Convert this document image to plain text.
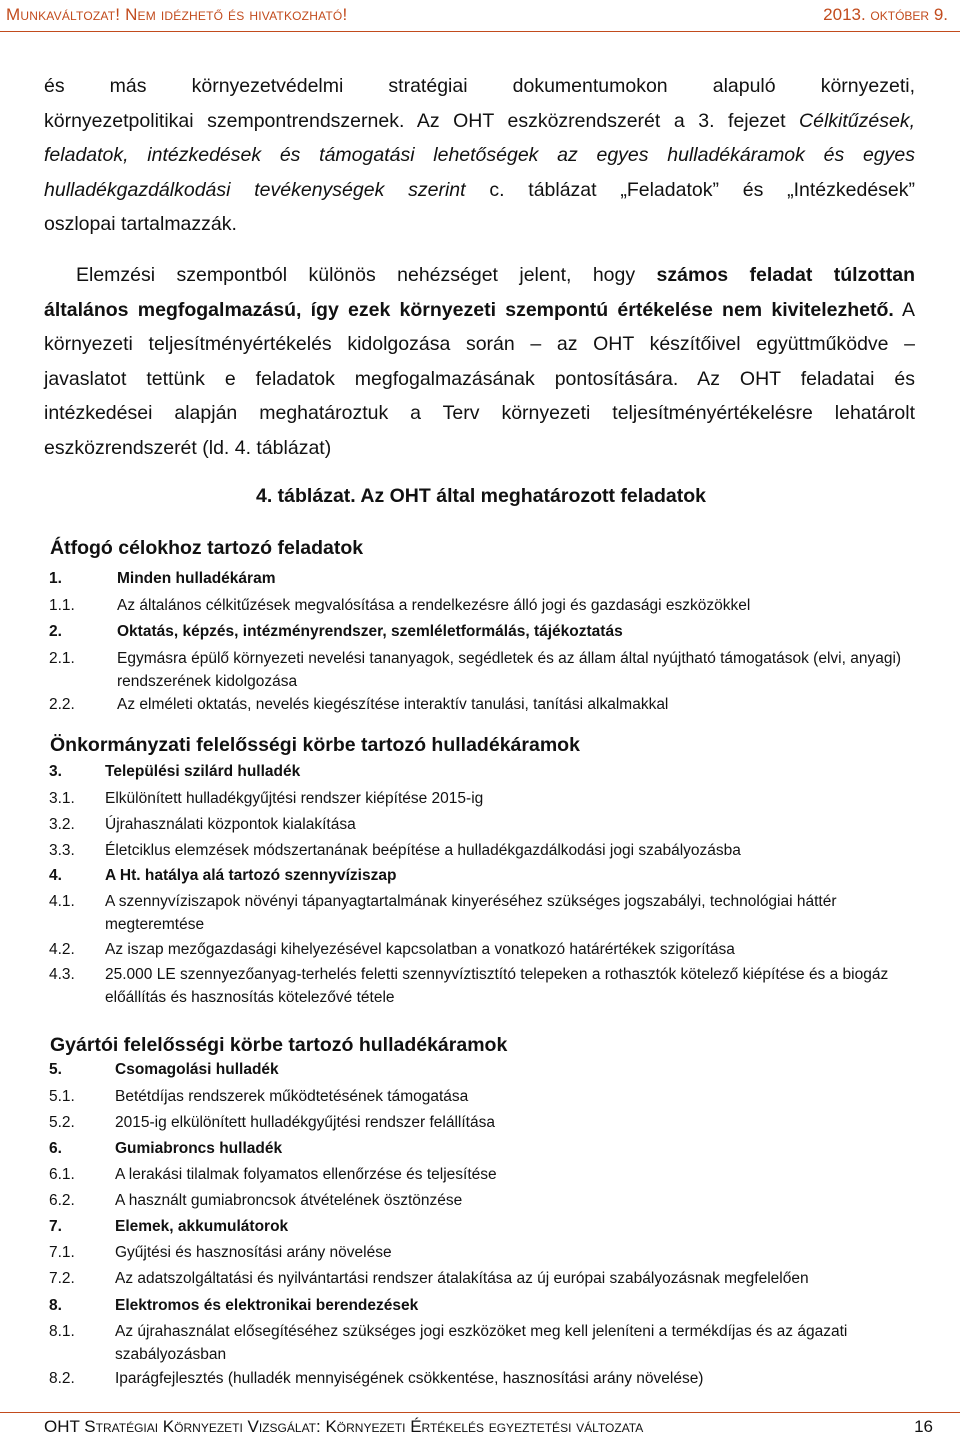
Munkaváltozat! Nem idézhető és hivatkozható!	2013. október 9.
és más környezetvédelmi stratégiai dokumentumokon alapuló környezeti,
környezetpolitikai szempontrendszernek. Az OHT eszközrendszerét a 3. fejezet Célkitűzések,
feladatok, intézkedések és támogatási lehetőségek az egyes hulladékáramok és egyes
hulladékgazdálkodási tevékenységek szerint c. táblázat „Feladatok” és „Intézkedések”
oszlopai tartalmazzák.
Elemzési szempontból különös nehézséget jelent, hogy számos feladat túlzottan
általános megfogalmazású, így ezek környezeti szempontú értékelése nem kivitelezhető. A
környezeti teljesítményértékelés kidolgozása során – az OHT készítőivel együttműködve –
javaslatot tettünk e feladatok megfogalmazásának pontosítására. Az OHT feladatai és
intézkedései alapján meghatároztuk a Terv környezeti teljesítményértékelésre lehatárolt
eszközrendszerét (ld. 4. táblázat)
4. táblázat. Az OHT által meghatározott feladatok
Átfogó célokhoz tartozó feladatok
1.	Minden hulladékáram
1.1.	Az általános célkitűzések megvalósítása a rendelkezésre álló jogi és gazdasági eszközökkel
2.	Oktatás, képzés, intézményrendszer, szemléletformálás, tájékoztatás
2.1.	Egymásra épülő környezeti nevelési tananyagok, segédletek és az állam által nyújtható támogatások (elvi, anyagi) rendszerének kidolgozása
2.2.	Az elméleti oktatás, nevelés kiegészítése interaktív tanulási, tanítási alkalmakkal
Önkormányzati felelősségi körbe tartozó hulladékáramok
3.	Települési szilárd hulladék
3.1. Elkülönített hulladékgyűjtési rendszer kiépítése 2015-ig
3.2. Újrahasználati központok kialakítása
3.3. Életciklus elemzések módszertanának beépítése a hulladékgazdálkodási jogi szabályozásba
4.	A Ht. hatálya alá tartozó szennyvíziszap
4.1. A szennyvíziszapok növényi tápanyagtartalmának kinyeréséhez szükséges jogszabályi, technológiai háttér megteremtése
4.2. Az iszap mezőgazdasági kihelyezésével kapcsolatban a vonatkozó határértékek szigorítása
4.3. 25.000 LE szennyezőanyag-terhelés feletti szennyvíztisztító telepeken a rothasztók kötelező kiépítése és a biogáz előállítás és hasznosítás kötelezővé tétele
Gyártói felelősségi körbe tartozó hulladékáramok
5.	Csomagolási hulladék
5.1.	Betétdíjas rendszerek működtetésének támogatása
5.2.	2015-ig elkülönített hulladékgyűjtési rendszer felállítása
6.	Gumiabroncs hulladék
6.1.	A lerakási tilalmak folyamatos ellenőrzése és teljesítése
6.2.	A használt gumiabroncsok átvételének ösztönzése
7.	Elemek, akkumulátorok
7.1.	Gyűjtési és hasznosítási arány növelése
7.2.	Az adatszolgáltatási és nyilvántartási rendszer átalakítása az új európai szabályozásnak megfelelően
8.	Elektromos és elektronikai berendezések
8.1.	Az újrahasználat elősegítéséhez szükséges jogi eszközöket meg kell jeleníteni a termékdíjas és az ágazati szabályozásban
8.2.	Iparágfejlesztés (hulladék mennyiségének csökkentése, hasznosítási arány növelése)
OHT Stratégiai Környezeti Vizsgálat: Környezeti Értékelés egyeztetési változata	16
